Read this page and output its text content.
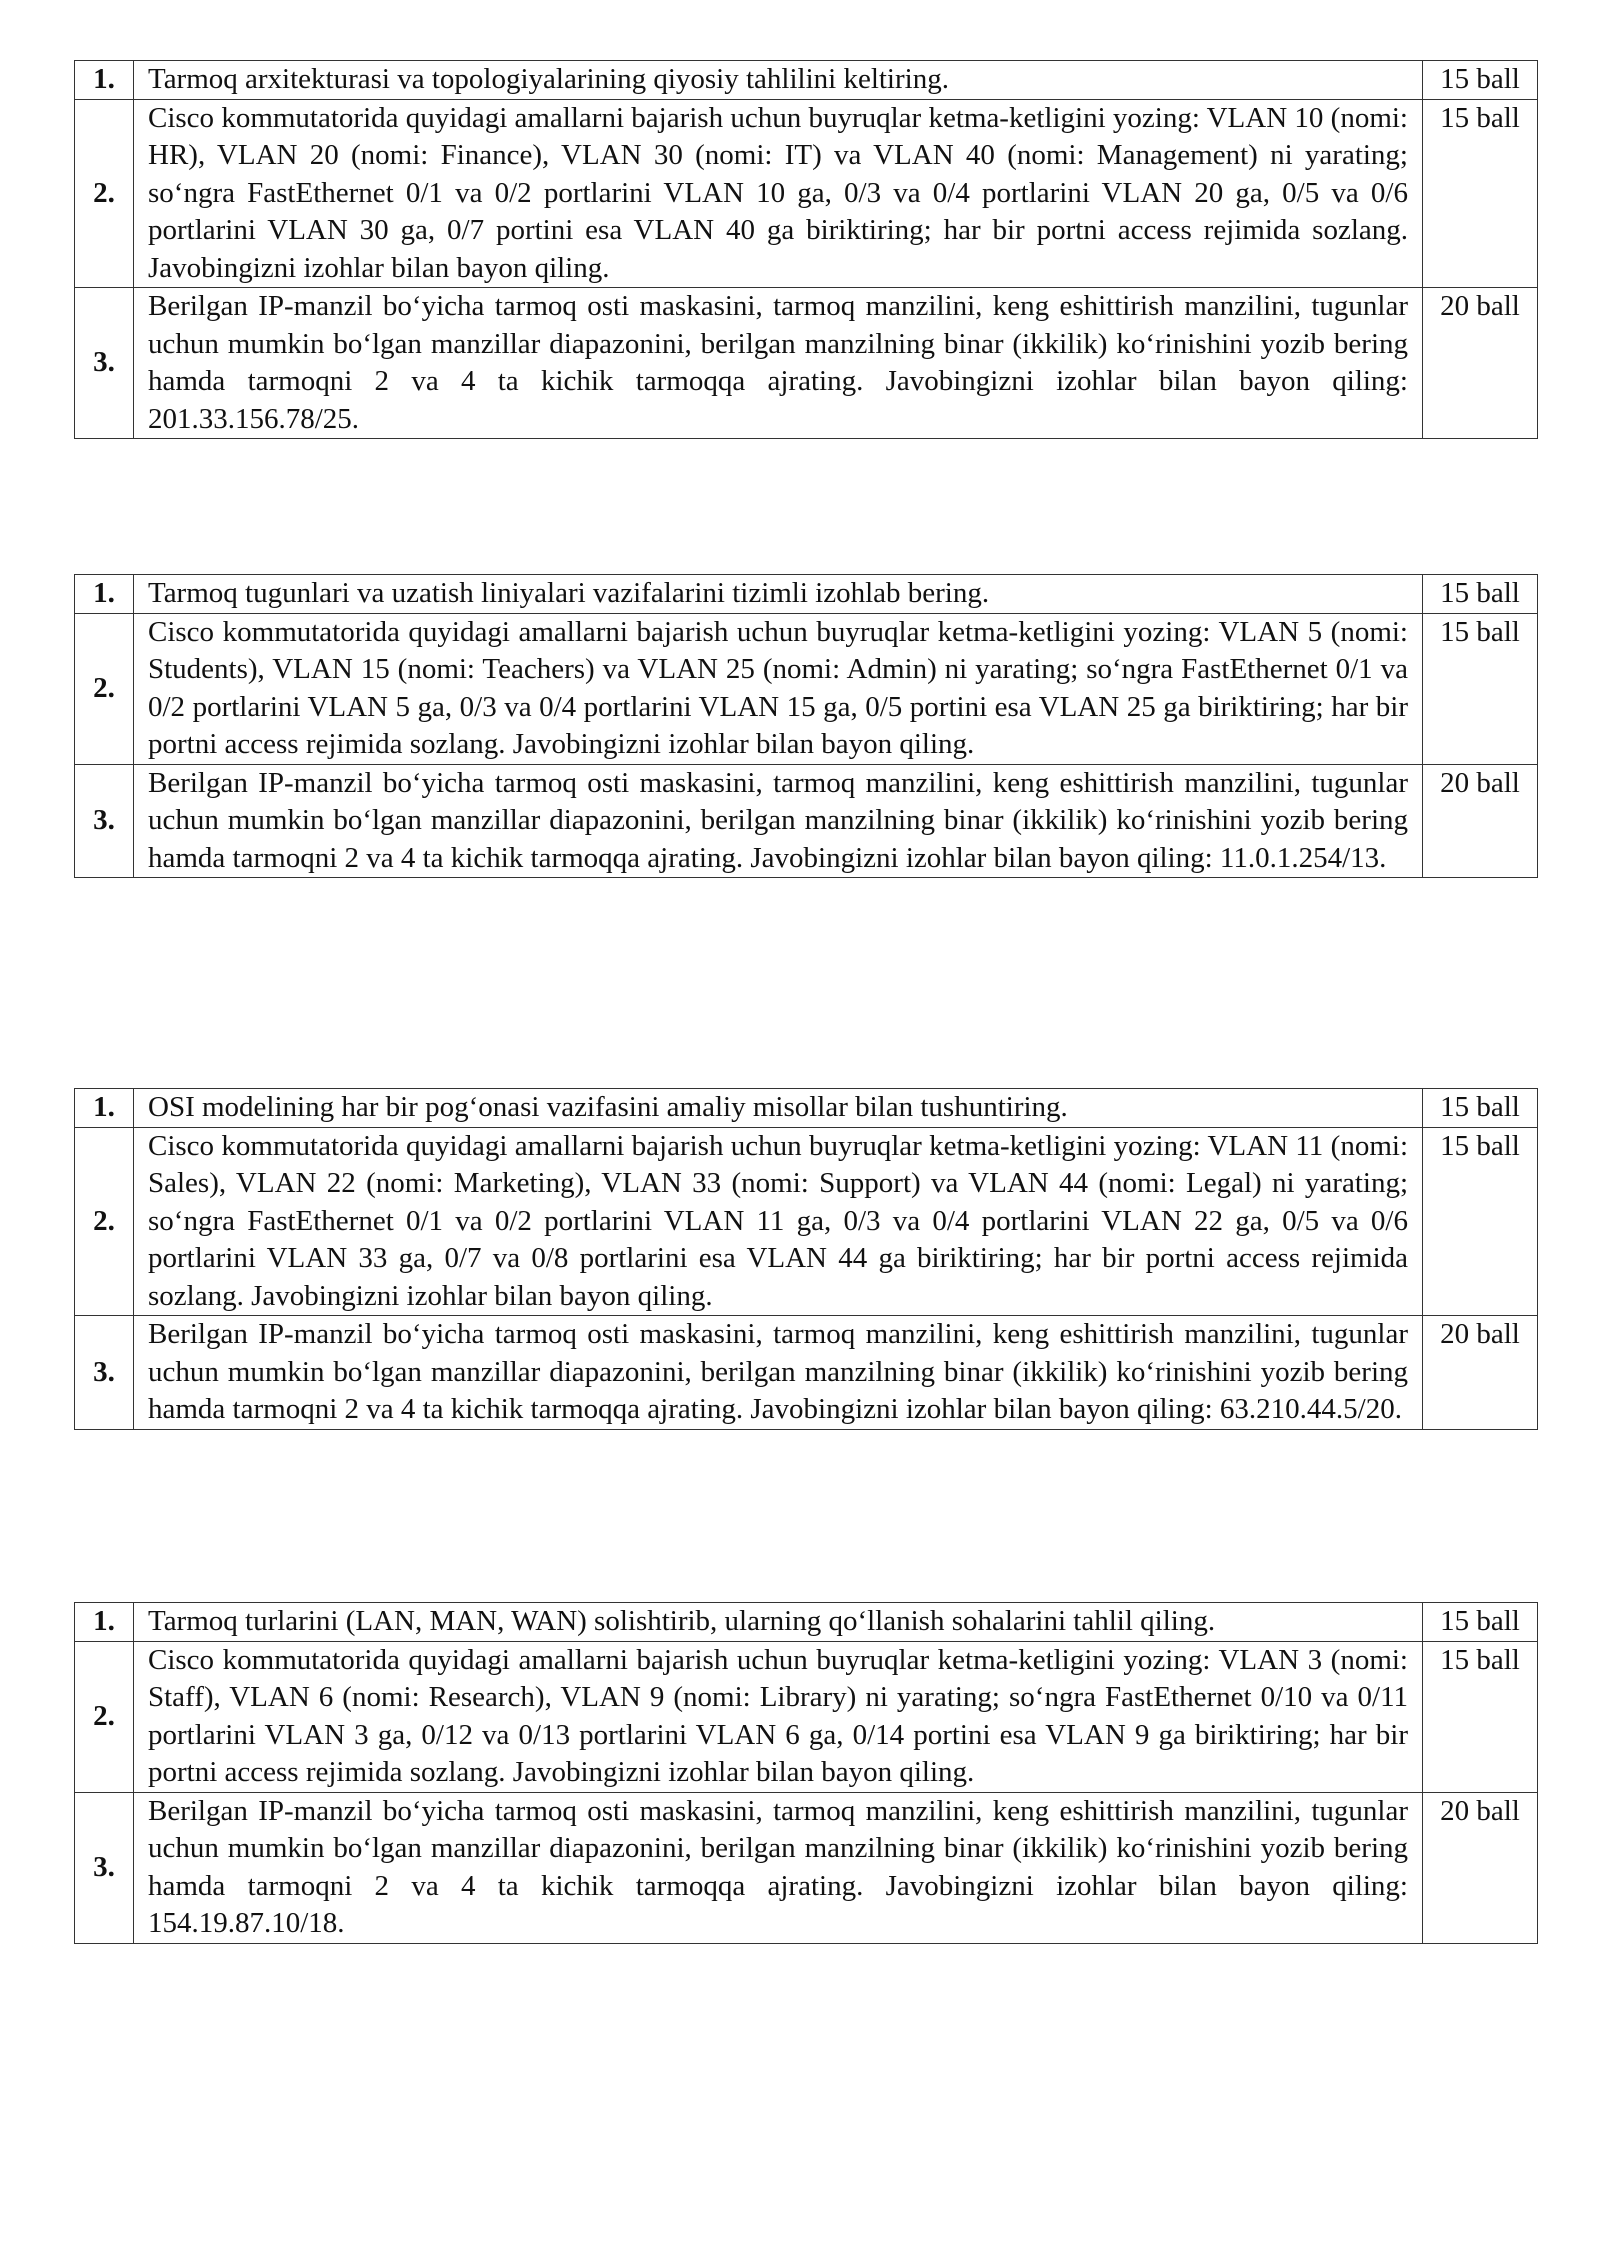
1.	Tarmoq arxitekturasi va topologiyalarining qiyosiy tahlilini keltiring.	15 ball
2.	Cisco kommutatorida quyidagi amallarni bajarish uchun buyruqlar ketma-ketligini yozing: VLAN 10 (nomi: HR), VLAN 20 (nomi: Finance), VLAN 30 (nomi: IT) va VLAN 40 (nomi: Management) ni yarating; so‘ngra FastEthernet 0/1 va 0/2 portlarini VLAN 10 ga, 0/3 va 0/4 portlarini VLAN 20 ga, 0/5 va 0/6 portlarini VLAN 30 ga, 0/7 portini esa VLAN 40 ga biriktiring; har bir portni access rejimida sozlang. Javobingizni izohlar bilan bayon qiling.	15 ball
3.	Berilgan IP-manzil bo‘yicha tarmoq osti maskasini, tarmoq manzilini, keng eshittirish manzilini, tugunlar uchun mumkin bo‘lgan manzillar diapazonini, berilgan manzilning binar (ikkilik) ko‘rinishini yozib bering hamda tarmoqni 2 va 4 ta kichik tarmoqqa ajrating. Javobingizni izohlar bilan bayon qiling: 201.33.156.78/25.	20 ball
1.	Tarmoq tugunlari va uzatish liniyalari vazifalarini tizimli izohlab bering.	15 ball
2.	Cisco kommutatorida quyidagi amallarni bajarish uchun buyruqlar ketma-ketligini yozing: VLAN 5 (nomi: Students), VLAN 15 (nomi: Teachers) va VLAN 25 (nomi: Admin) ni yarating; so‘ngra FastEthernet 0/1 va 0/2 portlarini VLAN 5 ga, 0/3 va 0/4 portlarini VLAN 15 ga, 0/5 portini esa VLAN 25 ga biriktiring; har bir portni access rejimida sozlang. Javobingizni izohlar bilan bayon qiling.	15 ball
3.	Berilgan IP-manzil bo‘yicha tarmoq osti maskasini, tarmoq manzilini, keng eshittirish manzilini, tugunlar uchun mumkin bo‘lgan manzillar diapazonini, berilgan manzilning binar (ikkilik) ko‘rinishini yozib bering hamda tarmoqni 2 va 4 ta kichik tarmoqqa ajrating. Javobingizni izohlar bilan bayon qiling: 11.0.1.254/13.	20 ball
1.	OSI modelining har bir pog‘onasi vazifasini amaliy misollar bilan tushuntiring.	15 ball
2.	Cisco kommutatorida quyidagi amallarni bajarish uchun buyruqlar ketma-ketligini yozing: VLAN 11 (nomi: Sales), VLAN 22 (nomi: Marketing), VLAN 33 (nomi: Support) va VLAN 44 (nomi: Legal) ni yarating; so‘ngra FastEthernet 0/1 va 0/2 portlarini VLAN 11 ga, 0/3 va 0/4 portlarini VLAN 22 ga, 0/5 va 0/6 portlarini VLAN 33 ga, 0/7 va 0/8 portlarini esa VLAN 44 ga biriktiring; har bir portni access rejimida sozlang. Javobingizni izohlar bilan bayon qiling.	15 ball
3.	Berilgan IP-manzil bo‘yicha tarmoq osti maskasini, tarmoq manzilini, keng eshittirish manzilini, tugunlar uchun mumkin bo‘lgan manzillar diapazonini, berilgan manzilning binar (ikkilik) ko‘rinishini yozib bering hamda tarmoqni 2 va 4 ta kichik tarmoqqa ajrating. Javobingizni izohlar bilan bayon qiling: 63.210.44.5/20.	20 ball
1.	Tarmoq turlarini (LAN, MAN, WAN) solishtirib, ularning qo‘llanish sohalarini tahlil qiling.	15 ball
2.	Cisco kommutatorida quyidagi amallarni bajarish uchun buyruqlar ketma-ketligini yozing: VLAN 3 (nomi: Staff), VLAN 6 (nomi: Research), VLAN 9 (nomi: Library) ni yarating; so‘ngra FastEthernet 0/10 va 0/11 portlarini VLAN 3 ga, 0/12 va 0/13 portlarini VLAN 6 ga, 0/14 portini esa VLAN 9 ga biriktiring; har bir portni access rejimida sozlang. Javobingizni izohlar bilan bayon qiling.	15 ball
3.	Berilgan IP-manzil bo‘yicha tarmoq osti maskasini, tarmoq manzilini, keng eshittirish manzilini, tugunlar uchun mumkin bo‘lgan manzillar diapazonini, berilgan manzilning binar (ikkilik) ko‘rinishini yozib bering hamda tarmoqni 2 va 4 ta kichik tarmoqqa ajrating. Javobingizni izohlar bilan bayon qiling: 154.19.87.10/18.	20 ball
